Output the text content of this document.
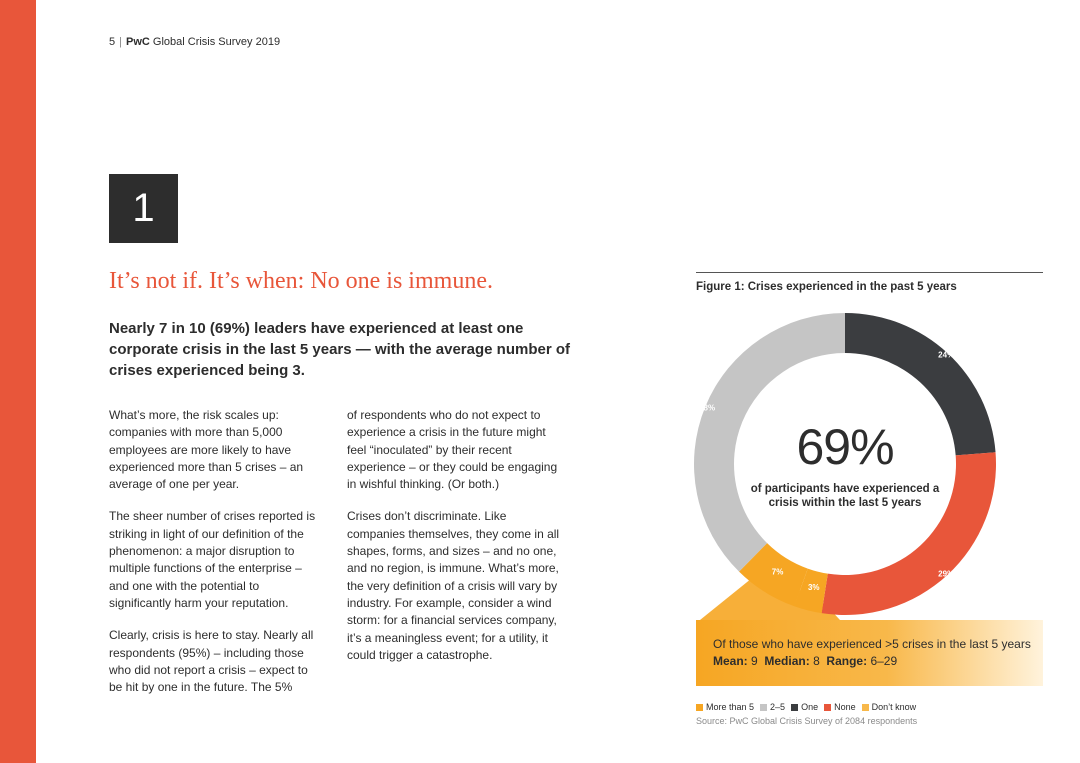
5 | PwC Global Crisis Survey 2019
1
It’s not if. It’s when: No one is immune.
Nearly 7 in 10 (69%) leaders have experienced at least one corporate crisis in the last 5 years — with the average number of crises experienced being 3.

What’s more, the risk scales up: companies with more than 5,000 employees are more likely to have experienced more than 5 crises – an average of one per year.

The sheer number of crises reported is striking in light of our definition of the phenomenon: a major disruption to multiple functions of the enterprise – and one with the potential to significantly harm your reputation.

Clearly, crisis is here to stay. Nearly all respondents (95%) – including those who did not report a crisis – expect to be hit by one in the future. The 5%

of respondents who do not expect to experience a crisis in the future might feel “inoculated” by their recent experience – or they could be engaging in wishful thinking. (Or both.)

Crises don’t discriminate. Like companies themselves, they come in all shapes, forms, and sizes – and no one, and no region, is immune. What’s more, the very definition of a crisis will vary by industry. For example, consider a wind storm: for a financial services company, it’s a meaningless event; for a utility, it could trigger a catastrophe.

Figure 1: Crises experienced in the past 5 years
24%
29%
3%
7%
38%
69%
of participants have experienced a crisis within the last 5 years
Of those who have experienced >5 crises in the last 5 years
Mean: 9 Median: 8 Range: 6–29
More than 5 2–5 One None Don’t know
Source: PwC Global Crisis Survey of 2084 respondents
